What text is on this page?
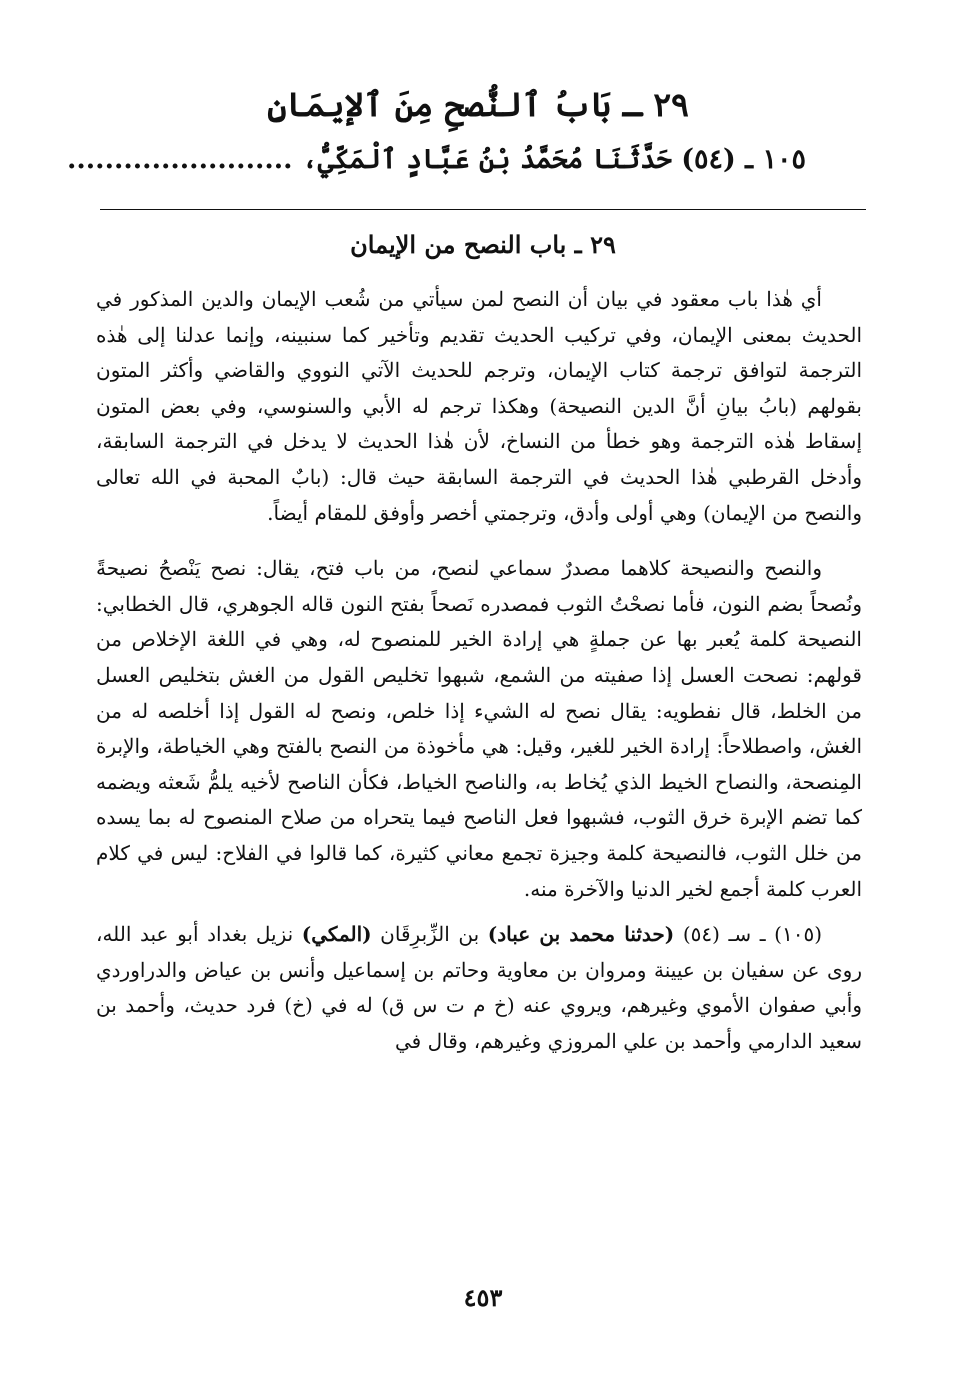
٢٩ ـ بَابُ ٱلنُّصحِ مِنَ ٱلإيمَانِ
١٠٥ ـ (٥٤) حَدَّثَنَا مُحَمَّدُ بْنُ عَبَّادٍ ٱلْمَكِّيُّ، ........................
٢٩ ـ باب النصح من الإيمان

أي هٰذا باب معقود في بيان أن النصح لمن سيأتي من شُعب الإيمان والدين المذكور في الحديث بمعنى الإيمان، وفي تركيب الحديث تقديم وتأخير كما سنبينه، وإنما عدلنا إلى هٰذه الترجمة لتوافق ترجمة كتاب الإيمان، وترجم للحديث الآتي النووي والقاضي وأكثر المتون بقولهم (بابُ بيانِ أنَّ الدين النصيحة) وهكذا ترجم له الأبي والسنوسي، وفي بعض المتون إسقاط هٰذه الترجمة وهو خطأ من النساخ، لأن هٰذا الحديث لا يدخل في الترجمة السابقة، وأدخل القرطبي هٰذا الحديث في الترجمة السابقة حيث قال: (بابٌ المحبة في الله تعالى والنصح من الإيمان) وهي أولى وأدق، وترجمتي أخصر وأوفق للمقام أيضاً.

والنصح والنصيحة كلاهما مصدرٌ سماعي لنصح، من باب فتح، يقال: نصح يَنْصحُ نصيحةً ونُصحاً بضم النون، فأما نصحْتُ الثوب فمصدره نَصحاً بفتح النون قاله الجوهري، قال الخطابي: النصيحة كلمة يُعبر بها عن جملةٍ هي إرادة الخير للمنصوح له، وهي في اللغة الإخلاص من قولهم: نصحت العسل إذا صفيته من الشمع، شبهوا تخليص القول من الغش بتخليص العسل من الخلط، قال نفطويه: يقال نصح له الشيء إذا خلص، ونصح له القول إذا أخلصه له من الغش، واصطلاحاً: إرادة الخير للغير، وقيل: هي مأخوذة من النصح بالفتح وهي الخياطة، والإبرة المِنصحة، والنصاح الخيط الذي يُخاط به، والناصح الخياط، فكأن الناصح لأخيه يلمُّ شَعثه ويضمه كما تضم الإبرة خرق الثوب، فشبهوا فعل الناصح فيما يتحراه من صلاح المنصوح له بما يسده من خلل الثوب، فالنصيحة كلمة وجيزة تجمع معاني كثيرة، كما قالوا في الفلاح: ليس في كلام العرب كلمة أجمع لخير الدنيا والآخرة منه.

(١٠٥) ـ سـ (٥٤) (حدثنا محمد بن عباد) بن الزِّبرِقَان (المكي) نزيل بغداد أبو عبد الله، روى عن سفيان بن عيينة ومروان بن معاوية وحاتم بن إسماعيل وأنس بن عياض والدراوردي وأبي صفوان الأموي وغيرهم، ويروي عنه (خ م ت س ق) له في (خ) فرد حديث، وأحمد بن سعيد الدارمي وأحمد بن علي المروزي وغيرهم، وقال في

٤٥٣
